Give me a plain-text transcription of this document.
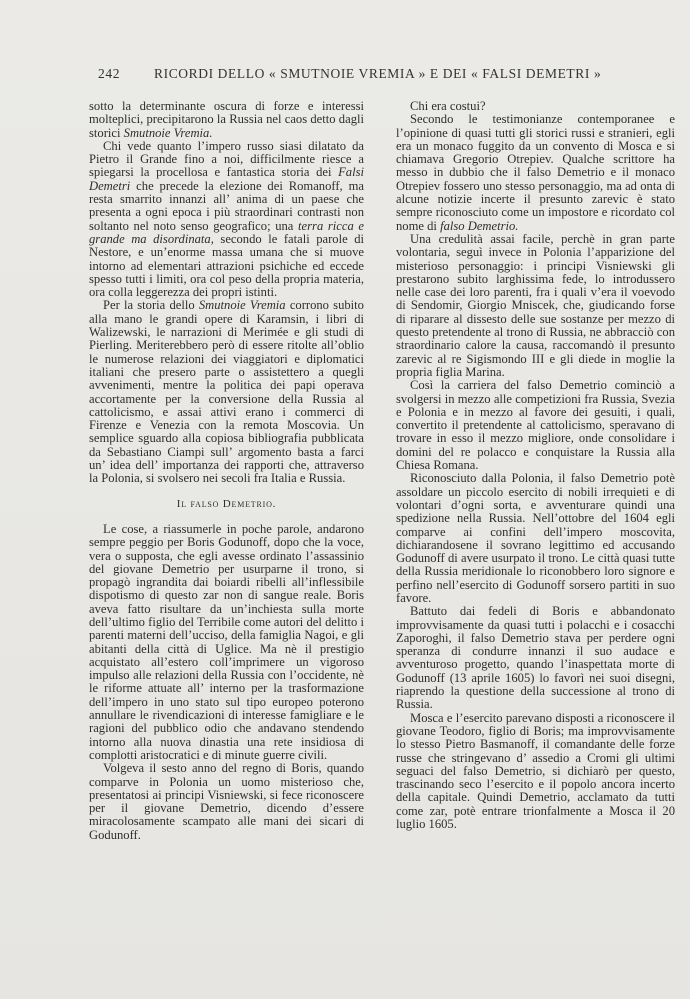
242	RICORDI DELLO « SMUTNOIE VREMIA » E DEI « FALSI DEMETRI »

sotto la determinante oscura di forze e interessi molteplici, precipitarono la Russia nel caos detto dagli storici Smutnoie Vremia.

Chi vede quanto l’impero russo siasi dilatato da Pietro il Grande fino a noi, difficilmente riesce a spiegarsi la procellosa e fantastica storia dei Falsi Demetri che precede la elezione dei Romanoff, ma resta smarrito innanzi all’ anima di un paese che presenta a ogni epoca i più straordinari contrasti non soltanto nel noto senso geografico; una terra ricca e grande ma disordinata, secondo le fatali parole di Nestore, e un’enorme massa umana che si muove intorno ad elementari attrazioni psichiche ed eccede spesso tutti i limiti, ora col peso della propria materia, ora colla leggerezza dei propri istinti.

Per la storia dello Smutnoie Vremia corrono subito alla mano le grandi opere di Karamsin, i libri di Walizewski, le narrazioni di Merimée e gli studi di Pierling. Meriterebbero però di essere ritolte all’oblio le numerose relazioni dei viaggiatori e diplomatici italiani che presero parte o assistettero a quegli avvenimenti, mentre la politica dei papi operava accortamente per la conversione della Russia al cattolicismo, e assai attivi erano i commerci di Firenze e Venezia con la remota Moscovia. Un semplice sguardo alla copiosa bibliografia pubblicata da Sebastiano Ciampi sull’ argomento basta a farci un’ idea dell’ importanza dei rapporti che, attraverso la Polonia, si svolsero nei secoli fra Italia e Russia.

Il falso Demetrio.

Le cose, a riassumerle in poche parole, andarono sempre peggio per Boris Godunoff, dopo che la voce, vera o supposta, che egli avesse ordinato l’assassinio del giovane Demetrio per usurparne il trono, si propagò ingrandita dai boiardi ribelli all’inflessibile dispotismo di questo zar non di sangue reale. Boris aveva fatto risultare da un’inchiesta sulla morte dell’ultimo figlio del Terribile come autori del delitto i parenti materni dell’ucciso, della famiglia Nagoi, e gli abitanti della città di Uglice. Ma nè il prestigio acquistato all’estero coll’imprimere un vigoroso impulso alle relazioni della Russia con l’occidente, nè le riforme attuate all’ interno per la trasformazione dell’impero in uno stato sul tipo europeo poterono annullare le rivendicazioni di interesse famigliare e le ragioni del pubblico odio che andavano stendendo intorno alla nuova dinastia una rete insidiosa di complotti aristocratici e di minute guerre civili.

Volgeva il sesto anno del regno di Boris, quando comparve in Polonia un uomo misterioso che, presentatosi ai principi Visniewski, si fece riconoscere per il giovane Demetrio, dicendo d’essere miracolosamente scampato alle mani dei sicari di Godunoff.

Chi era costui?

Secondo le testimonianze contemporanee e l’opinione di quasi tutti gli storici russi e stranieri, egli era un monaco fuggito da un convento di Mosca e si chiamava Gregorio Otrepiev. Qualche scrittore ha messo in dubbio che il falso Demetrio e il monaco Otrepiev fossero uno stesso personaggio, ma ad onta di alcune notizie incerte il presunto zarevic è stato sempre riconosciuto come un impostore e ricordato col nome di falso Demetrio.

Una credulità assai facile, perchè in gran parte volontaria, seguì invece in Polonia l’apparizione del misterioso personaggio: i principi Visniewski gli prestarono subito larghissima fede, lo introdussero nelle case dei loro parenti, fra i quali v’era il voevodo di Sendomir, Giorgio Mniscek, che, giudicando forse di riparare al dissesto delle sue sostanze per mezzo di questo pretendente al trono di Russia, ne abbracciò con straordinario calore la causa, raccomandò il presunto zarevic al re Sigismondo III e gli diede in moglie la propria figlia Marina.

Così la carriera del falso Demetrio cominciò a svolgersi in mezzo alle competizioni fra Russia, Svezia e Polonia e in mezzo al favore dei gesuiti, i quali, convertito il pretendente al cattolicismo, speravano di trovare in esso il mezzo migliore, onde consolidare i domini del re polacco e conquistare la Russia alla Chiesa Romana.

Riconosciuto dalla Polonia, il falso Demetrio potè assoldare un piccolo esercito di nobili irrequieti e di volontari d’ogni sorta, e avventurare quindi una spedizione nella Russia. Nell’ottobre del 1604 egli comparve ai confini dell’impero moscovita, dichiarandosene il sovrano legittimo ed accusando Godunoff di avere usurpato il trono. Le città quasi tutte della Russia meridionale lo riconobbero loro signore e perfino nell’esercito di Godunoff sorsero partiti in suo favore.

Battuto dai fedeli di Boris e abbandonato improvvisamente da quasi tutti i polacchi e i cosacchi Zaporoghi, il falso Demetrio stava per perdere ogni speranza di condurre innanzi il suo audace e avventuroso progetto, quando l’inaspettata morte di Godunoff (13 aprile 1605) lo favorì nei suoi disegni, riaprendo la questione della successione al trono di Russia.

Mosca e l’esercito parevano disposti a riconoscere il giovane Teodoro, figlio di Boris; ma improvvisamente lo stesso Pietro Basmanoff, il comandante delle forze russe che stringevano d’ assedio a Cromi gli ultimi seguaci del falso Demetrio, si dichiarò per questo, trascinando seco l’esercito e il popolo ancora incerto della capitale. Quindi Demetrio, acclamato da tutti come zar, potè entrare trionfalmente a Mosca il 20 luglio 1605.
